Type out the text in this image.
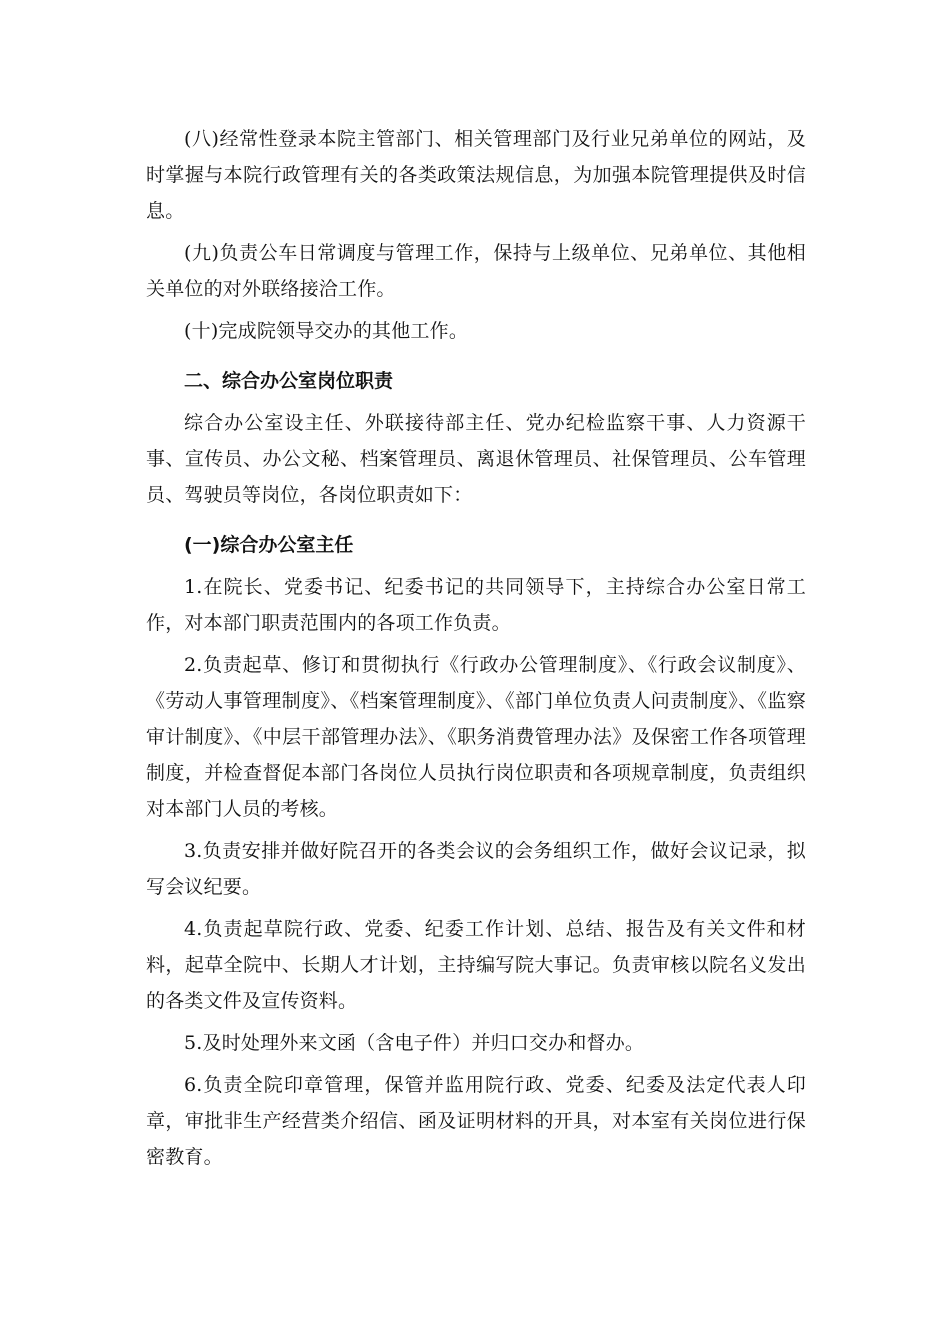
(八)经常性登录本院主管部门、相关管理部门及行业兄弟单位的网站，及时掌握与本院行政管理有关的各类政策法规信息，为加强本院管理提供及时信息。

(九)负责公车日常调度与管理工作，保持与上级单位、兄弟单位、其他相关单位的对外联络接洽工作。

(十)完成院领导交办的其他工作。

二、综合办公室岗位职责

综合办公室设主任、外联接待部主任、党办纪检监察干事、人力资源干事、宣传员、办公文秘、档案管理员、离退休管理员、社保管理员、公车管理员、驾驶员等岗位，各岗位职责如下：

(一)综合办公室主任

1.在院长、党委书记、纪委书记的共同领导下，主持综合办公室日常工作，对本部门职责范围内的各项工作负责。

2.负责起草、修订和贯彻执行《行政办公管理制度》、《行政会议制度》、《劳动人事管理制度》、《档案管理制度》、《部门单位负责人问责制度》、《监察审计制度》、《中层干部管理办法》、《职务消费管理办法》及保密工作各项管理制度，并检查督促本部门各岗位人员执行岗位职责和各项规章制度，负责组织对本部门人员的考核。

3.负责安排并做好院召开的各类会议的会务组织工作，做好会议记录，拟写会议纪要。

4.负责起草院行政、党委、纪委工作计划、总结、报告及有关文件和材料，起草全院中、长期人才计划，主持编写院大事记。负责审核以院名义发出的各类文件及宣传资料。

5.及时处理外来文函（含电子件）并归口交办和督办。

6.负责全院印章管理，保管并监用院行政、党委、纪委及法定代表人印章，审批非生产经营类介绍信、函及证明材料的开具，对本室有关岗位进行保密教育。
